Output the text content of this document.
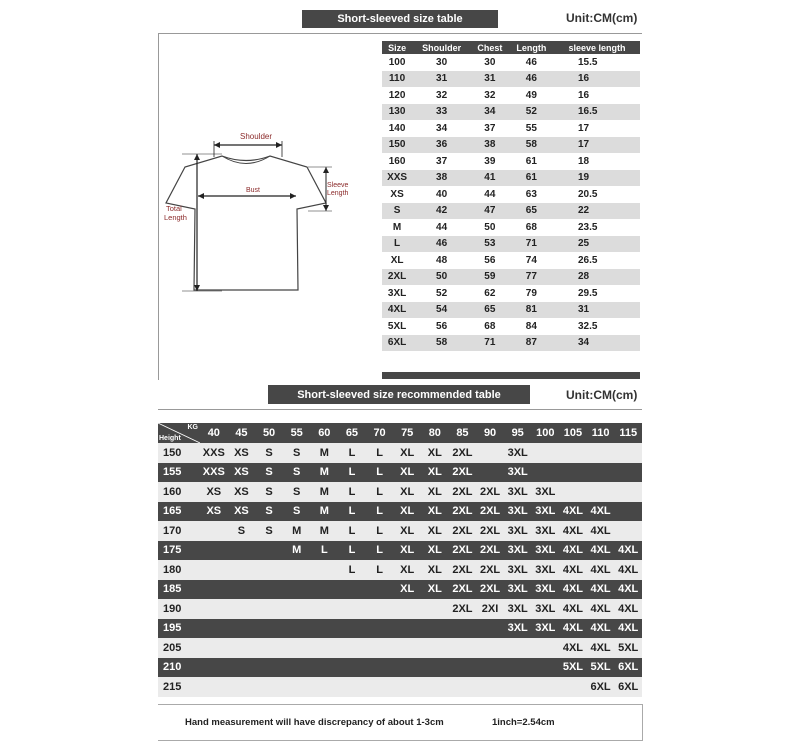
Short-sleeved size table	Unit:CM(cm)
Shoulder
Bust
Sleeve
Length
Total
Length
Size	Shoulder	Chest	Length	sleeve length
100	30	30	46	15.5
110	31	31	46	16
120	32	32	49	16
130	33	34	52	16.5
140	34	37	55	17
150	36	38	58	17
160	37	39	61	18
XXS	38	41	61	19
XS	40	44	63	20.5
S	42	47	65	22
M	44	50	68	23.5
L	46	53	71	25
XL	48	56	74	26.5
2XL	50	59	77	28
3XL	52	62	79	29.5
4XL	54	65	81	31
5XL	56	68	84	32.5
6XL	58	71	87	34
Short-sleeved size recommended table	Unit:CM(cm)
KG
Height	40	45	50	55	60	65	70	75	80	85	90	95	100	105	110	115
150	XXS	XS	S	S	M	L	L	XL	XL	2XL		3XL				
155	XXS	XS	S	S	M	L	L	XL	XL	2XL		3XL				
160	XS	XS	S	S	M	L	L	XL	XL	2XL	2XL	3XL	3XL			
165	XS	XS	S	S	M	L	L	XL	XL	2XL	2XL	3XL	3XL	4XL	4XL	
170		S	S	M	M	L	L	XL	XL	2XL	2XL	3XL	3XL	4XL	4XL	
175				M	L	L	L	XL	XL	2XL	2XL	3XL	3XL	4XL	4XL	4XL
180						L	L	XL	XL	2XL	2XL	3XL	3XL	4XL	4XL	4XL
185								XL	XL	2XL	2XL	3XL	3XL	4XL	4XL	4XL
190										2XL	2XI	3XL	3XL	4XL	4XL	4XL
195												3XL	3XL	4XL	4XL	4XL
205														4XL	4XL	5XL
210														5XL	5XL	6XL
215															6XL	6XL
Hand measurement will have discrepancy of about 1-3cm	1inch=2.54cm
